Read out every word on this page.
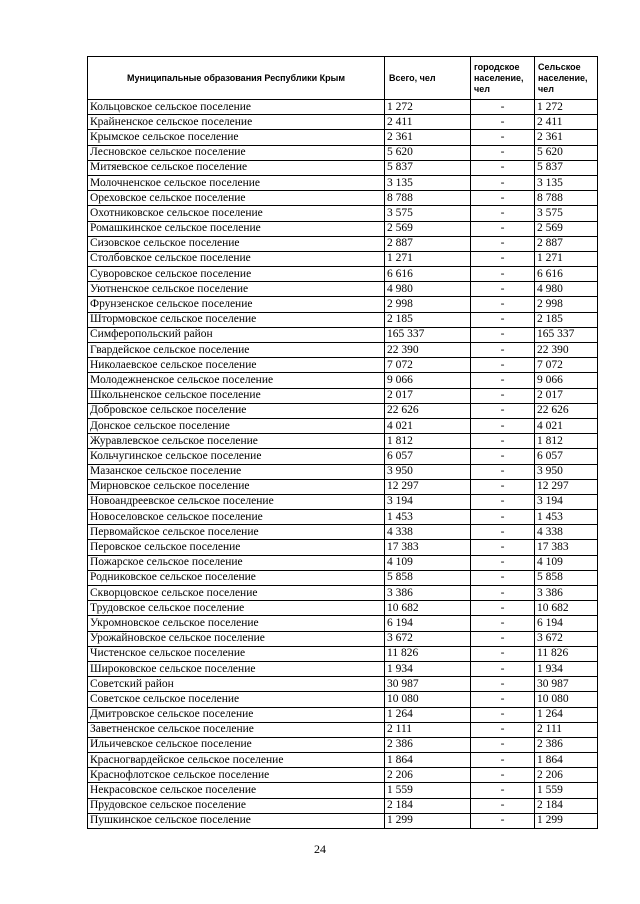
Муниципальные образования Республики Крым	Всего, чел	городское население, чел	Сельское население, чел
Кольцовское сельское поселение	1 272	-	1 272
Крайненское сельское поселение	2 411	-	2 411
Крымское сельское поселение	2 361	-	2 361
Лесновское сельское поселение	5 620	-	5 620
Митяевское сельское поселение	5 837	-	5 837
Молочненское сельское поселение	3 135	-	3 135
Ореховское сельское поселение	8 788	-	8 788
Охотниковское сельское поселение	3 575	-	3 575
Ромашкинское сельское поселение	2 569	-	2 569
Сизовское сельское поселение	2 887	-	2 887
Столбовское сельское поселение	1 271	-	1 271
Суворовское сельское поселение	6 616	-	6 616
Уютненское сельское поселение	4 980	-	4 980
Фрунзенское сельское поселение	2 998	-	2 998
Штормовское сельское поселение	2 185	-	2 185
Симферопольский район	165 337	-	165 337
Гвардейское сельское поселение	22 390	-	22 390
Николаевское сельское поселение	7 072	-	7 072
Молодежненское сельское поселение	9 066	-	9 066
Школьненское сельское поселение	2 017	-	2 017
Добровское сельское поселение	22 626	-	22 626
Донское сельское поселение	4 021	-	4 021
Журавлевское сельское поселение	1 812	-	1 812
Кольчугинское сельское поселение	6 057	-	6 057
Мазанское сельское поселение	3 950	-	3 950
Мирновское сельское поселение	12 297	-	12 297
Новоандреевское сельское поселение	3 194	-	3 194
Новоселовское сельское поселение	1 453	-	1 453
Первомайское сельское поселение	4 338	-	4 338
Перовское сельское поселение	17 383	-	17 383
Пожарское сельское поселение	4 109	-	4 109
Родниковское сельское поселение	5 858	-	5 858
Скворцовское сельское поселение	3 386	-	3 386
Трудовское сельское поселение	10 682	-	10 682
Укромновское сельское поселение	6 194	-	6 194
Урожайновское сельское поселение	3 672	-	3 672
Чистенское сельское поселение	11 826	-	11 826
Широковское сельское поселение	1 934	-	1 934
Советский район	30 987	-	30 987
Советское сельское поселение	10 080	-	10 080
Дмитровское сельское поселение	1 264	-	1 264
Заветненское сельское поселение	2 111	-	2 111
Ильичевское сельское поселение	2 386	-	2 386
Красногвардейское сельское поселение	1 864	-	1 864
Краснофлотское сельское поселение	2 206	-	2 206
Некрасовское сельское поселение	1 559	-	1 559
Прудовское сельское поселение	2 184	-	2 184
Пушкинское сельское поселение	1 299	-	1 299
24
